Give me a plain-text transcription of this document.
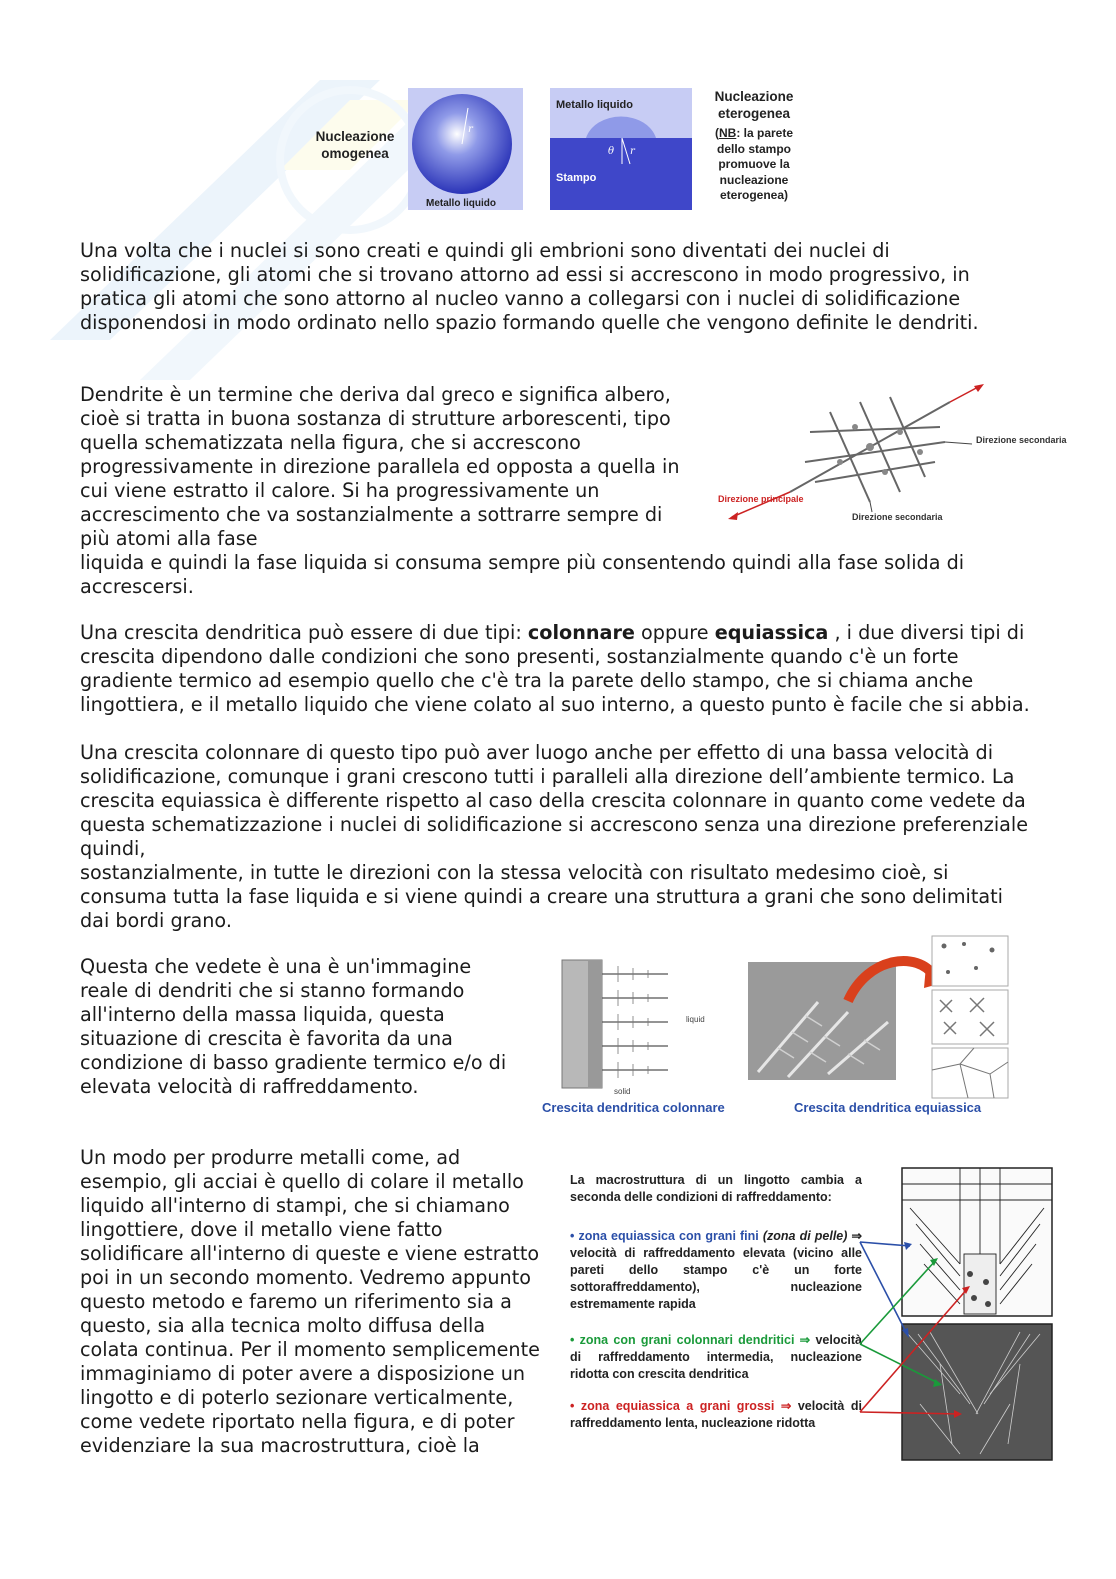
Nucleazione omogenea
r
Metallo liquido
Metallo liquido
Stampo
θ r
Nucleazione eterogenea
(NB: la parete dello stampo promuove la nucleazione eterogenea)

Una volta che i nuclei si sono creati e quindi gli embrioni sono diventati dei nuclei di solidificazione, gli atomi che si trovano attorno ad essi si accrescono in modo progressivo, in pratica gli atomi che sono attorno al nucleo vanno a collegarsi con i nuclei di solidificazione disponendosi in modo ordinato nello spazio formando quelle che vengono definite le dendriti.

Dendrite è un termine che deriva dal greco e significa albero, cioè si tratta in buona sostanza di strutture arborescenti, tipo quella schematizzata nella figura, che si accrescono progressivamente in direzione parallela ed opposta a quella in cui viene estratto il calore. Si ha progressivamente un accrescimento che va sostanzialmente a sottrarre sempre di più atomi alla fase

liquida e quindi la fase liquida si consuma sempre più consentendo quindi alla fase solida di accrescersi.

Direzione secondaria
Direzione principale
Direzione secondaria

Una crescita dendritica può essere di due tipi: colonnare oppure equiassica , i due diversi tipi di crescita dipendono dalle condizioni che sono presenti, sostanzialmente quando c'è un forte gradiente termico ad esempio quello che c'è tra la parete dello stampo, che si chiama anche lingottiera, e il metallo liquido che viene colato al suo interno, a questo punto è facile che si abbia.

Una crescita colonnare di questo tipo può aver luogo anche per effetto di una bassa velocità di solidificazione, comunque i grani crescono tutti i paralleli alla direzione dell’ambiente termico. La crescita equiassica è differente rispetto al caso della crescita colonnare in quanto come vedete da questa schematizzazione i nuclei di solidificazione si accrescono senza una direzione preferenziale quindi,

sostanzialmente, in tutte le direzioni con la stessa velocità con risultato medesimo cioè, si consuma tutta la fase liquida e si viene quindi a creare una struttura a grani che sono delimitati dai bordi grano.

Questa che vedete è una è un'immagine reale di dendriti che si stanno formando all'interno della massa liquida, questa situazione di crescita è favorita da una condizione di basso gradiente termico e/o di elevata velocità di raffreddamento.

liquid
solid
Crescita dendritica colonnare	Crescita dendritica equiassica

Un modo per produrre metalli come, ad esempio, gli acciai è quello di colare il metallo liquido all'interno di stampi, che si chiamano lingottiere, dove il metallo viene fatto solidificare all'interno di queste e viene estratto poi in un secondo momento. Vedremo appunto questo metodo e faremo un riferimento sia a questo, sia alla tecnica molto diffusa della colata continua. Per il momento semplicemente immaginiamo di poter avere a disposizione un lingotto e di poterlo sezionare verticalmente, come vedete riportato nella figura, e di poter evidenziare la sua macrostruttura, cioè la

La macrostruttura di un lingotto cambia a seconda delle condizioni di raffreddamento:
• zona equiassica con grani fini (zona di pelle) ⇒ velocità di raffreddamento elevata (vicino alle pareti dello stampo c'è un forte sottoraffreddamento), nucleazione estremamente rapida
• zona con grani colonnari dendritici ⇒ velocità di raffreddamento intermedia, nucleazione ridotta con crescita dendritica
• zona equiassica a grani grossi ⇒ velocità di raffreddamento lenta, nucleazione ridotta
